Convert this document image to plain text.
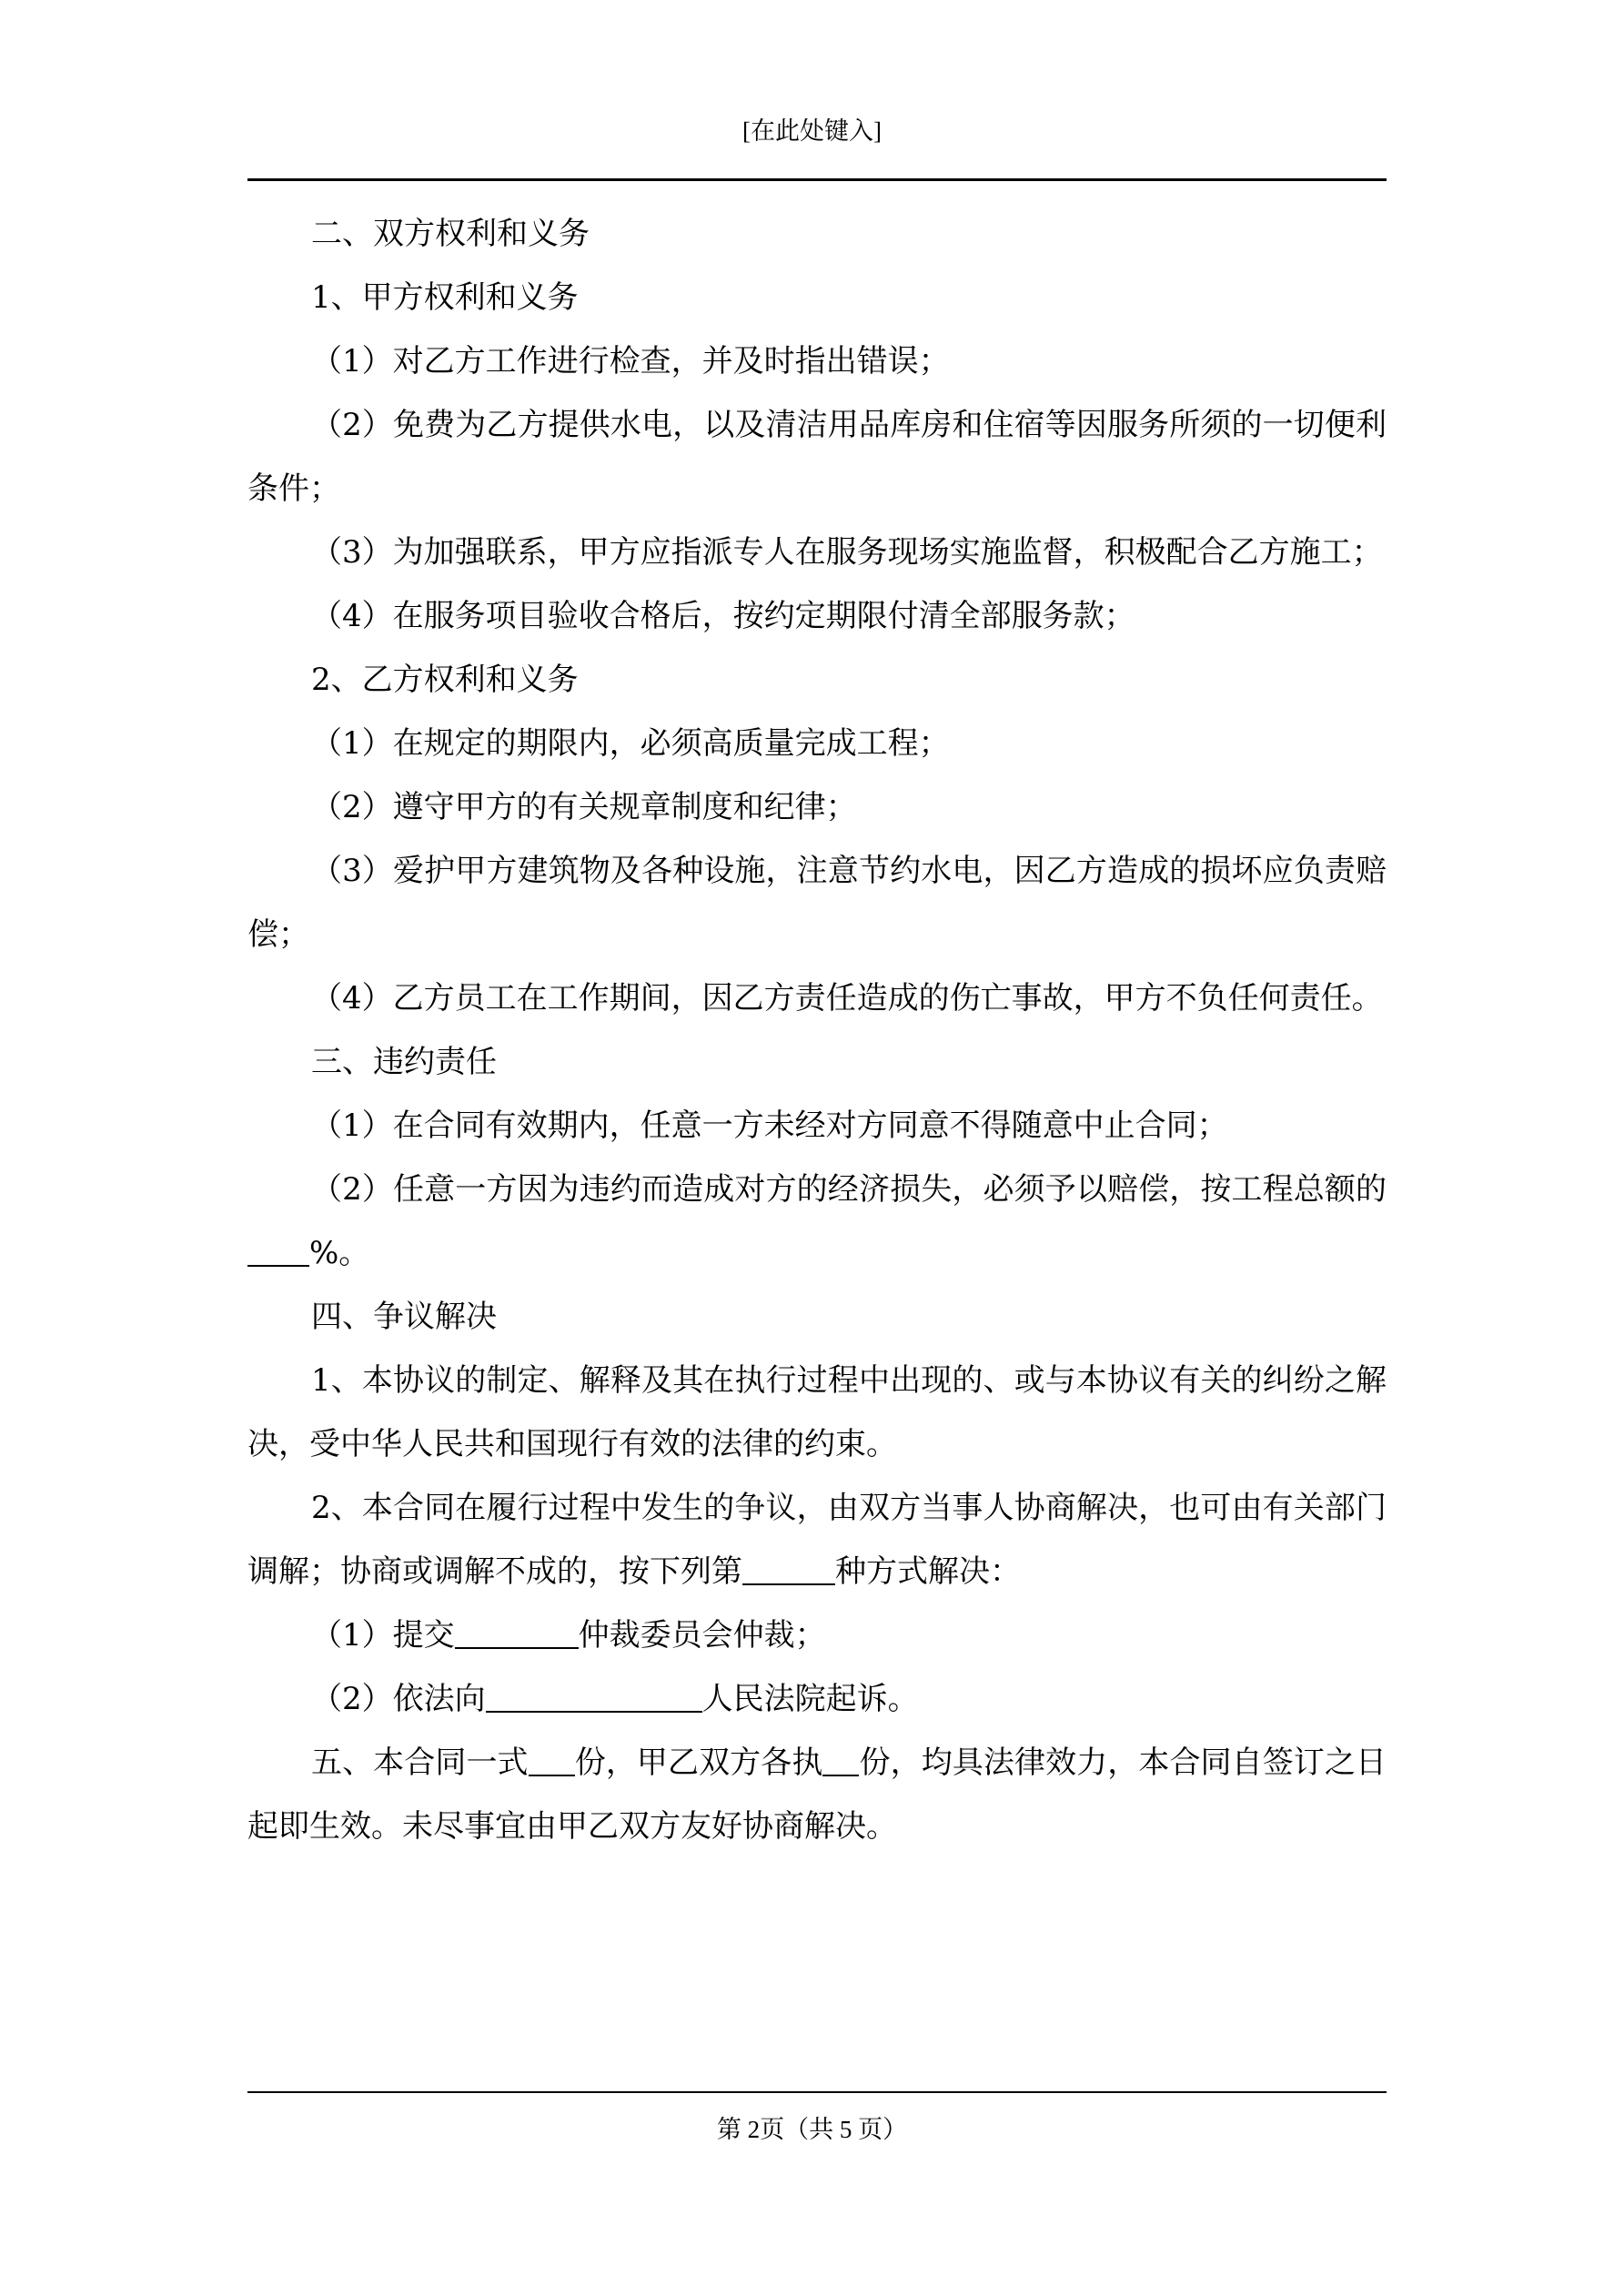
[在此处键入]

二、双方权利和义务

1、甲方权利和义务

（1）对乙方工作进行检查，并及时指出错误；

（2）免费为乙方提供水电，以及清洁用品库房和住宿等因服务所须的一切便利条件；

（3）为加强联系，甲方应指派专人在服务现场实施监督，积极配合乙方施工；

（4）在服务项目验收合格后，按约定期限付清全部服务款；

2、乙方权利和义务

（1）在规定的期限内，必须高质量完成工程；

（2）遵守甲方的有关规章制度和纪律；

（3）爱护甲方建筑物及各种设施，注意节约水电，因乙方造成的损坏应负责赔偿；

（4）乙方员工在工作期间，因乙方责任造成的伤亡事故，甲方不负任何责任。

三、违约责任

（1）在合同有效期内，任意一方未经对方同意不得随意中止合同；

（2）任意一方因为违约而造成对方的经济损失，必须予以赔偿，按工程总额的%。

四、争议解决

1、本协议的制定、解释及其在执行过程中出现的、或与本协议有关的纠纷之解决，受中华人民共和国现行有效的法律的约束。

2、本合同在履行过程中发生的争议，由双方当事人协商解决，也可由有关部门调解；协商或调解不成的，按下列第	种方式解决：

（1）提交	仲裁委员会仲裁；

（2）依法向	人民法院起诉。

五、本合同一式 份，甲乙双方各执 份，均具法律效力，本合同自签订之日起即生效。未尽事宜由甲乙双方友好协商解决。

第 2页（共 5 页）
